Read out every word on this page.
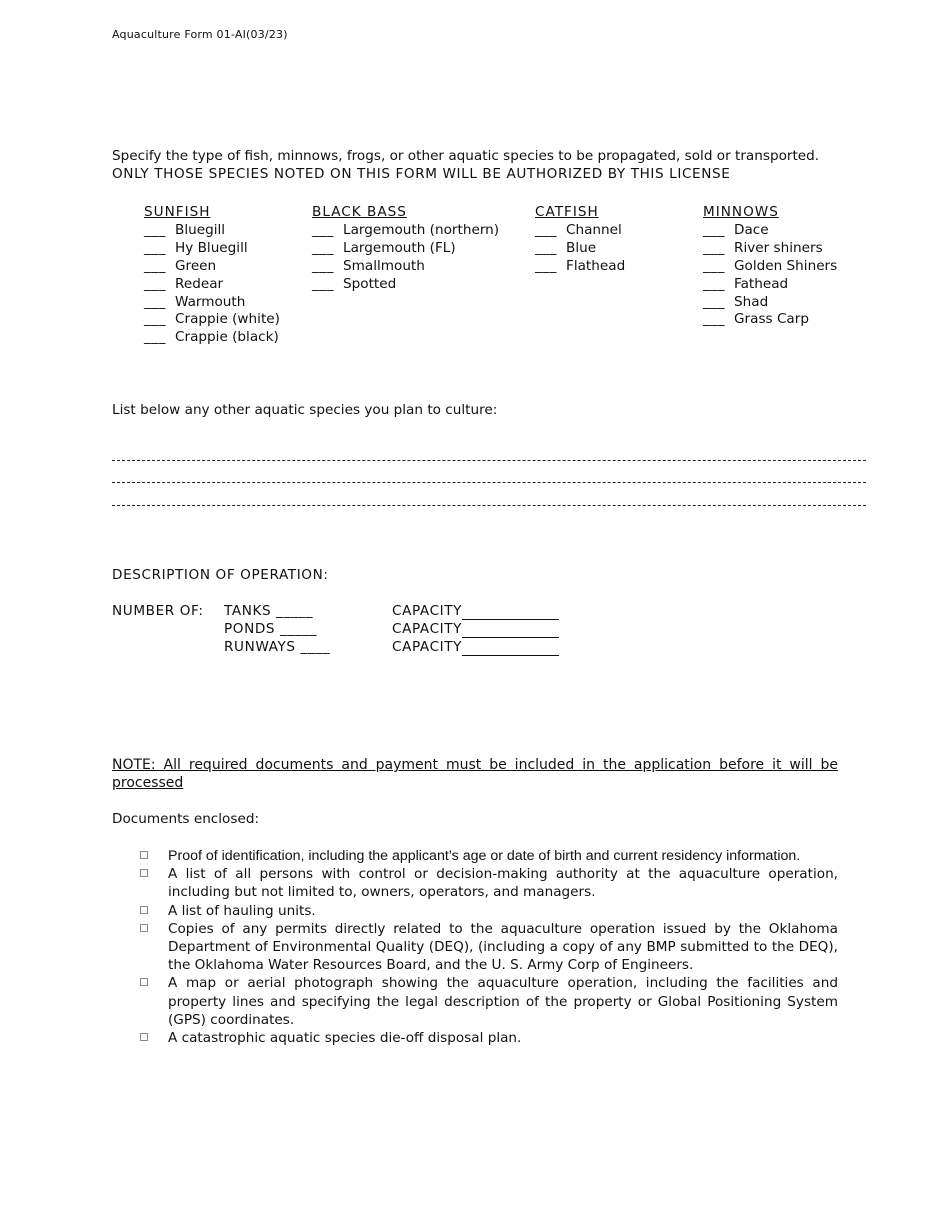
Aquaculture Form 01-AI(03/23)
Specify the type of fish, minnows, frogs, or other aquatic species to be propagated, sold or transported.
ONLY THOSE SPECIES NOTED ON THIS FORM WILL BE AUTHORIZED BY THIS LICENSE
SUNFISH
___ Bluegill
___ Hy Bluegill
___ Green
___ Redear
___ Warmouth
___ Crappie (white)
___ Crappie (black)
BLACK BASS
___ Largemouth (northern)
___ Largemouth (FL)
___ Smallmouth
___ Spotted
CATFISH
___ Channel
___ Blue
___ Flathead
MINNOWS
___ Dace
___ River shiners
___ Golden Shiners
___ Fathead
___ Shad
___ Grass Carp
List below any other aquatic species you plan to culture:
DESCRIPTION OF OPERATION:
NUMBER OF: TANKS _____	CAPACITY
PONDS _____	CAPACITY
RUNWAYS ____	CAPACITY
NOTE: All required documents and payment must be included in the application before it will be processed
Documents enclosed:
Proof of identification, including the applicant’s age or date of birth and current residency information.
A list of all persons with control or decision-making authority at the aquaculture operation, including but not limited to, owners, operators, and managers.
A list of hauling units.
Copies of any permits directly related to the aquaculture operation issued by the Oklahoma Department of Environmental Quality (DEQ), (including a copy of any BMP submitted to the DEQ), the Oklahoma Water Resources Board, and the U. S. Army Corp of Engineers.
A map or aerial photograph showing the aquaculture operation, including the facilities and property lines and specifying the legal description of the property or Global Positioning System (GPS) coordinates.
A catastrophic aquatic species die-off disposal plan.
